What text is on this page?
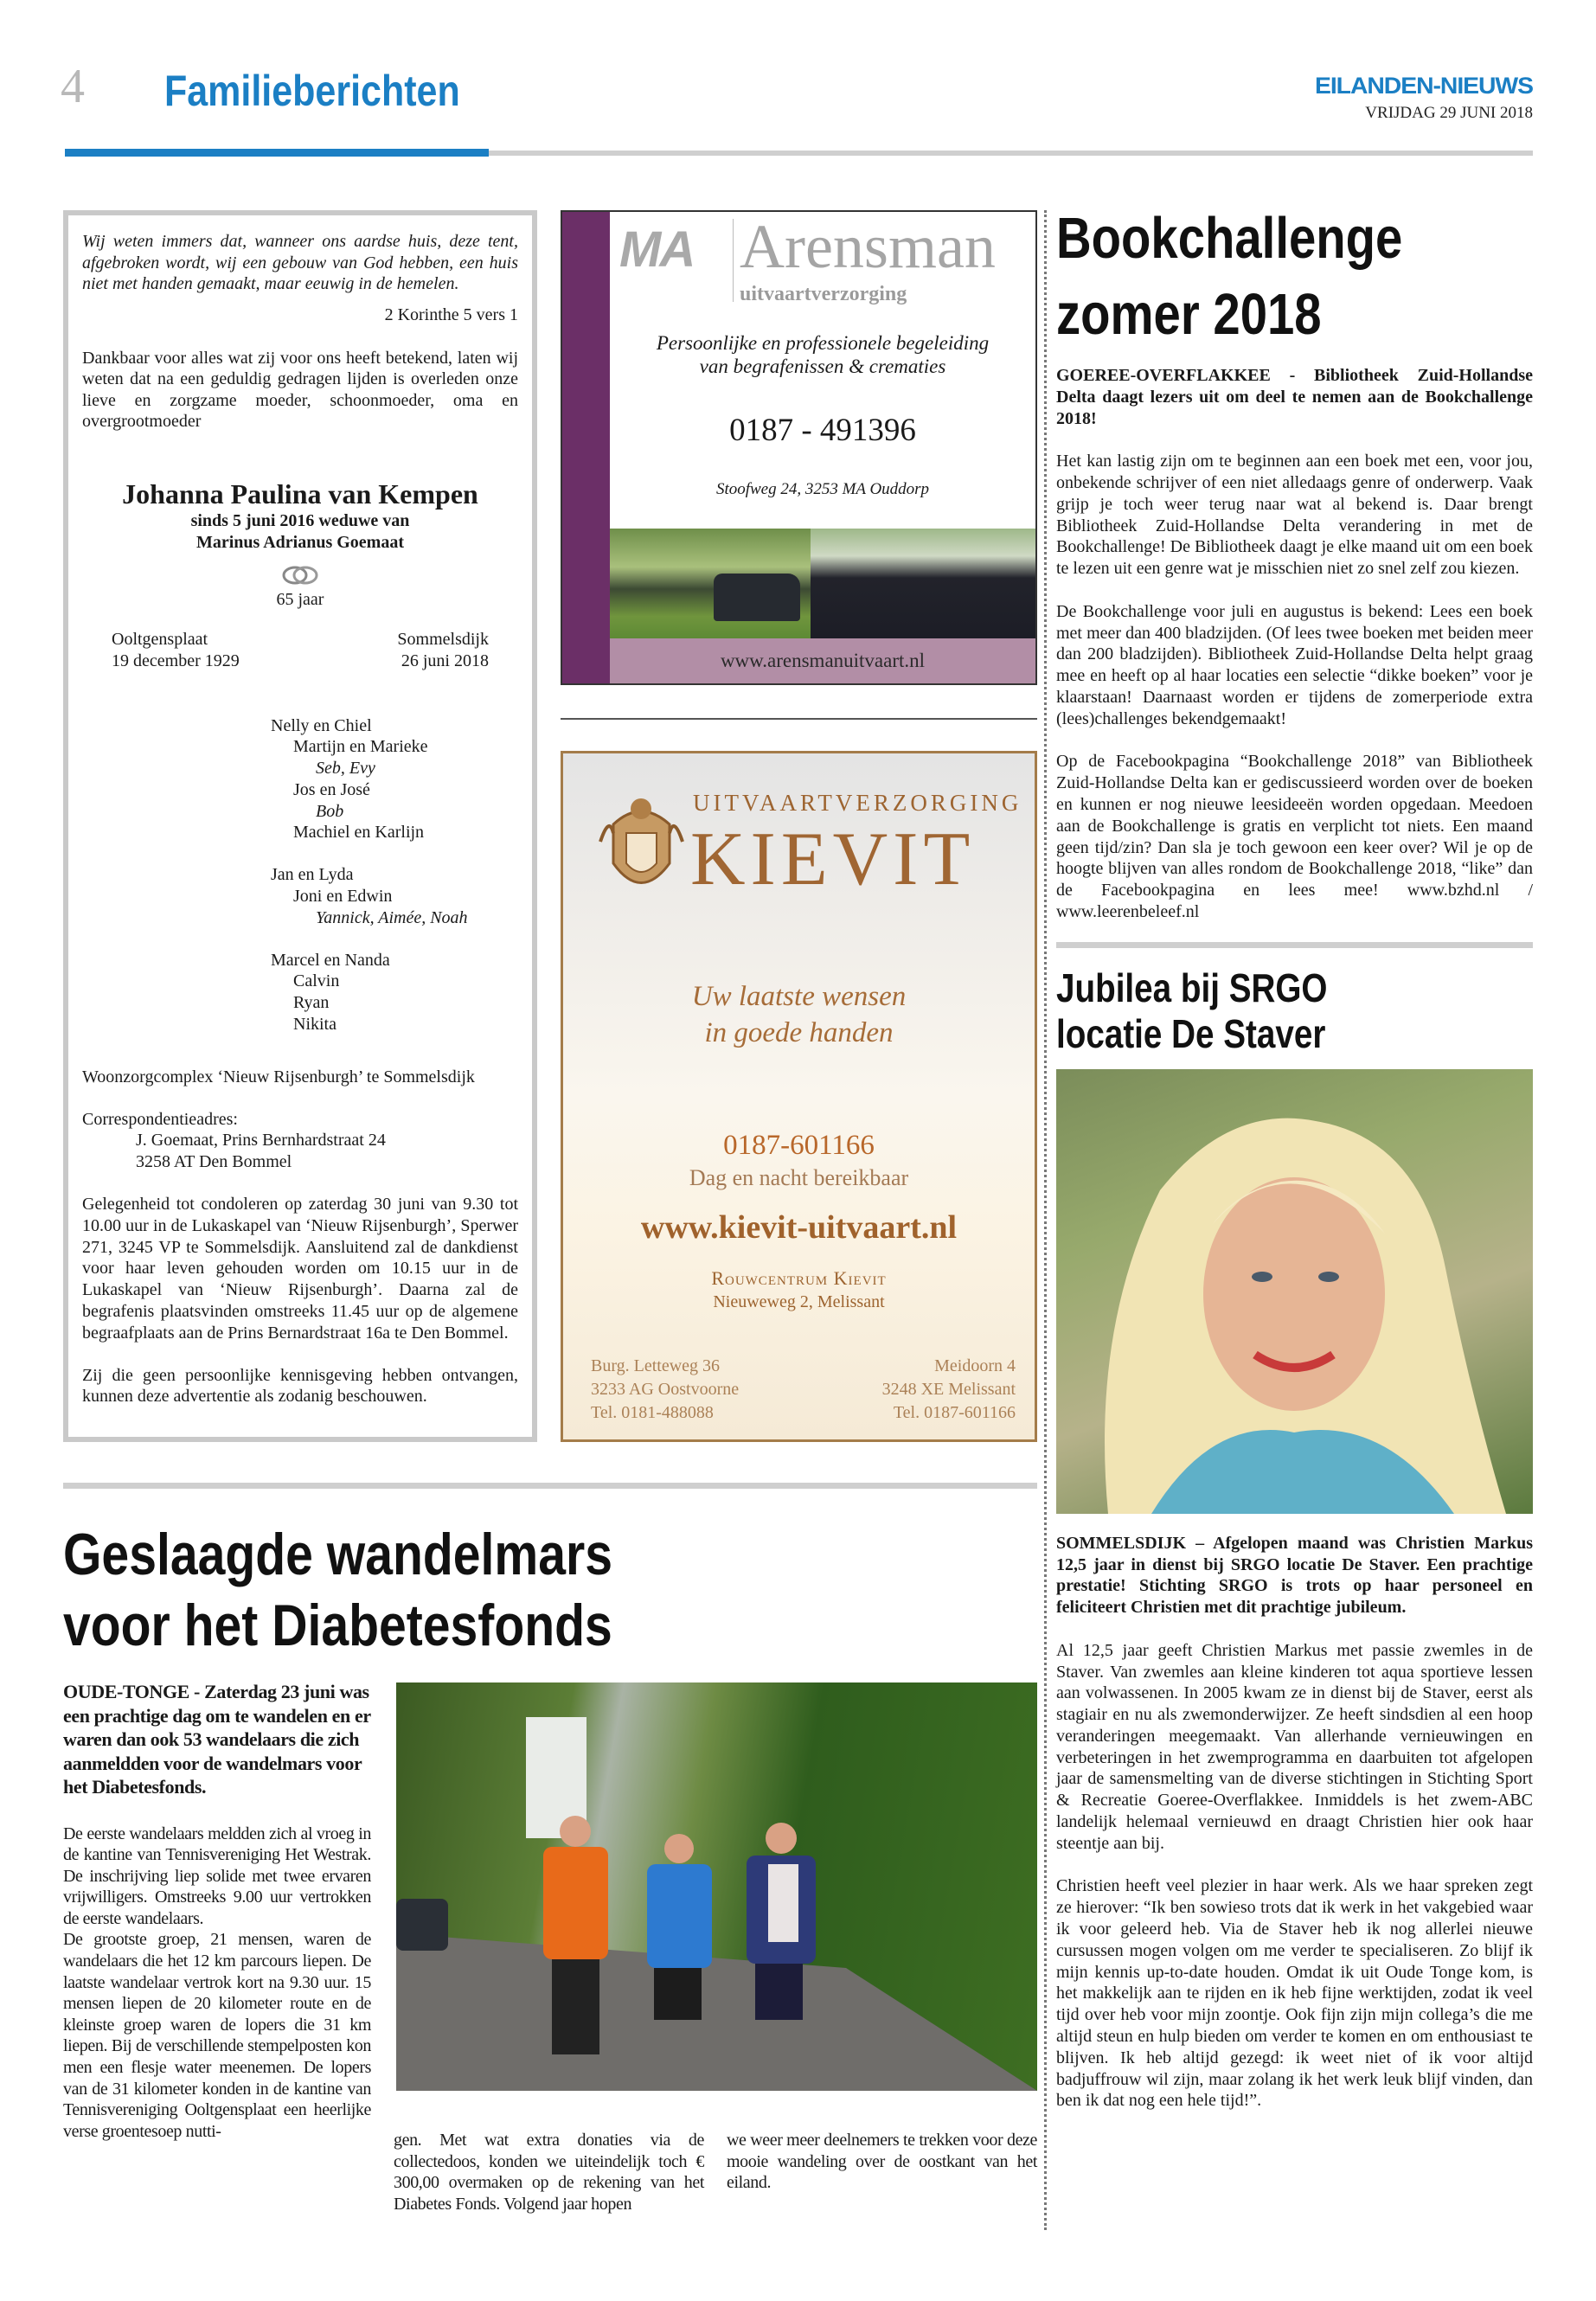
4 Familieberichten	EILANDEN-NIEUWS
VRIJDAG 29 JUNI 2018
Wij weten immers dat, wanneer ons aardse huis, deze tent, afgebroken wordt, wij een gebouw van God hebben, een huis niet met handen gemaakt, maar eeuwig in de hemelen.
2 Korinthe 5 vers 1
Dankbaar voor alles wat zij voor ons heeft betekend, laten wij weten dat na een geduldig gedragen lijden is overleden onze lieve en zorgzame moeder, schoonmoeder, oma en overgrootmoeder
Johanna Paulina van Kempen
sinds 5 juni 2016 weduwe van
Marinus Adrianus Goemaat
65 jaar
Ooltgensplaat
19 december 1929
Sommelsdijk
26 juni 2018
Nelly en Chiel
Martijn en Marieke
Seb, Evy
Jos en José
Bob
Machiel en Karlijn
Jan en Lyda
Joni en Edwin
Yannick, Aimée, Noah
Marcel en Nanda
Calvin
Ryan
Nikita
Woonzorgcomplex ‘Nieuw Rijsenburgh’ te Sommelsdijk
Correspondentieadres:
J. Goemaat, Prins Bernhardstraat 24
3258 AT Den Bommel
Gelegenheid tot condoleren op zaterdag 30 juni van 9.30 tot 10.00 uur in de Lukaskapel van ‘Nieuw Rijsenburgh’, Sperwer 271, 3245 VP te Sommelsdijk. Aansluitend zal de dankdienst voor haar leven gehouden worden om 10.15 uur in de Lukaskapel van ‘Nieuw Rijsenburgh’. Daarna zal de begrafenis plaatsvinden omstreeks 11.45 uur op de algemene begraafplaats aan de Prins Bernardstraat 16a te Den Bommel.
Zij die geen persoonlijke kennisgeving hebben ontvangen, kunnen deze advertentie als zodanig beschouwen.
MA Arensman
uitvaartverzorging
Persoonlijke en professionele begeleiding
van begrafenissen & crematies
0187 - 491396
Stoofweg 24, 3253 MA Ouddorp
www.arensmanuitvaart.nl
UITVAARTVERZORGING
KIEVIT
Uw laatste wensen
in goede handen
0187-601166
Dag en nacht bereikbaar
www.kievit-uitvaart.nl
Rouwcentrum Kievit
Nieuweweg 2, Melissant
Burg. Letteweg 36
3233 AG Oostvoorne
Tel. 0181-488088
Meidoorn 4
3248 XE Melissant
Tel. 0187-601166
Bookchallenge
zomer 2018

GOEREE-OVERFLAKKEE - Bibliotheek Zuid-Hollandse Delta daagt lezers uit om deel te nemen aan de Bookchallenge 2018!

Het kan lastig zijn om te beginnen aan een boek met een, voor jou, onbekende schrijver of een niet alledaags genre of onderwerp. Vaak grijp je toch weer terug naar wat al bekend is. Daar brengt Bibliotheek Zuid-Hollandse Delta verandering in met de Bookchallenge! De Bibliotheek daagt je elke maand uit om een boek te lezen uit een genre wat je misschien niet zo snel zelf zou kiezen.

De Bookchallenge voor juli en augustus is bekend: Lees een boek met meer dan 400 bladzijden. (Of lees twee boeken met beiden meer dan 200 bladzijden). Bibliotheek Zuid-Hollandse Delta helpt graag mee en heeft op al haar locaties een selectie “dikke boeken” voor je klaarstaan! Daarnaast worden er tijdens de zomerperiode extra (lees)challenges bekendgemaakt!

Op de Facebookpagina “Bookchallenge 2018” van Bibliotheek Zuid-Hollandse Delta kan er gediscussieerd worden over de boeken en kunnen er nog nieuwe leesideeën worden opgedaan. Meedoen aan de Bookchallenge is gratis en verplicht tot niets. Een maand geen tijd/zin? Dan sla je toch gewoon een keer over? Wil je op de hoogte blijven van alles rondom de Bookchallenge 2018, “like” dan de Facebookpagina en lees mee! www.bzhd.nl / www.leerenbeleef.nl

Jubilea bij SRGO
locatie De Staver

SOMMELSDIJK – Afgelopen maand was Christien Markus 12,5 jaar in dienst bij SRGO locatie De Staver. Een prachtige prestatie! Stichting SRGO is trots op haar personeel en feliciteert Christien met dit prachtige jubileum.

Al 12,5 jaar geeft Christien Markus met passie zwemles in de Staver. Van zwemles aan kleine kinderen tot aqua sportieve lessen aan volwassenen. In 2005 kwam ze in dienst bij de Staver, eerst als stagiair en nu als zwemonderwijzer. Ze heeft sindsdien al een hoop veranderingen meegemaakt. Van allerhande vernieuwingen en verbeteringen in het zwemprogramma en daarbuiten tot afgelopen jaar de samensmelting van de diverse stichtingen in Stichting Sport & Recreatie Goeree-Overflakkee. Inmiddels is het zwem-ABC landelijk helemaal vernieuwd en draagt Christien hier ook haar steentje aan bij.

Christien heeft veel plezier in haar werk. Als we haar spreken zegt ze hierover: “Ik ben sowieso trots dat ik werk in het vakgebied waar ik voor geleerd heb. Via de Staver heb ik nog allerlei nieuwe cursussen mogen volgen om me verder te specialiseren. Zo blijf ik mijn kennis up-to-date houden. Omdat ik uit Oude Tonge kom, is het makkelijk aan te rijden en ik heb fijne werktijden, zodat ik veel tijd over heb voor mijn zoontje. Ook fijn zijn mijn collega’s die me altijd steun en hulp bieden om verder te komen en om enthousiast te blijven. Ik heb altijd gezegd: ik weet niet of ik voor altijd badjuffrouw wil zijn, maar zolang ik het werk leuk blijf vinden, dan ben ik dat nog een hele tijd!”.

Geslaagde wandelmars
voor het Diabetesfonds
OUDE-TONGE - Zaterdag 23 juni was een prachtige dag om te wandelen en er waren dan ook 53 wandelaars die zich aanmeldden voor de wandelmars voor het Diabetesfonds.
De eerste wandelaars meldden zich al vroeg in de kantine van Tennisvereniging Het Westrak. De inschrijving liep solide met twee ervaren vrijwilligers. Omstreeks 9.00 uur vertrokken de eerste wandelaars.
De grootste groep, 21 mensen, waren de wandelaars die het 12 km parcours liepen. De laatste wandelaar vertrok kort na 9.30 uur. 15 mensen liepen de 20 kilometer route en de kleinste groep waren de lopers die 31 km liepen. Bij de verschillende stempelposten kon men een flesje water meenemen. De lopers van de 31 kilometer konden in de kantine van Tennisvereniging Ooltgensplaat een heerlijke verse groentesoep nutti-	gen. Met wat extra donaties via de collectedoos, konden we uiteindelijk toch € 300,00 overmaken op de rekening van het Diabetes Fonds. Volgend jaar hopen
we weer meer deelnemers te trekken voor deze mooie wandeling over de oostkant van het eiland.
